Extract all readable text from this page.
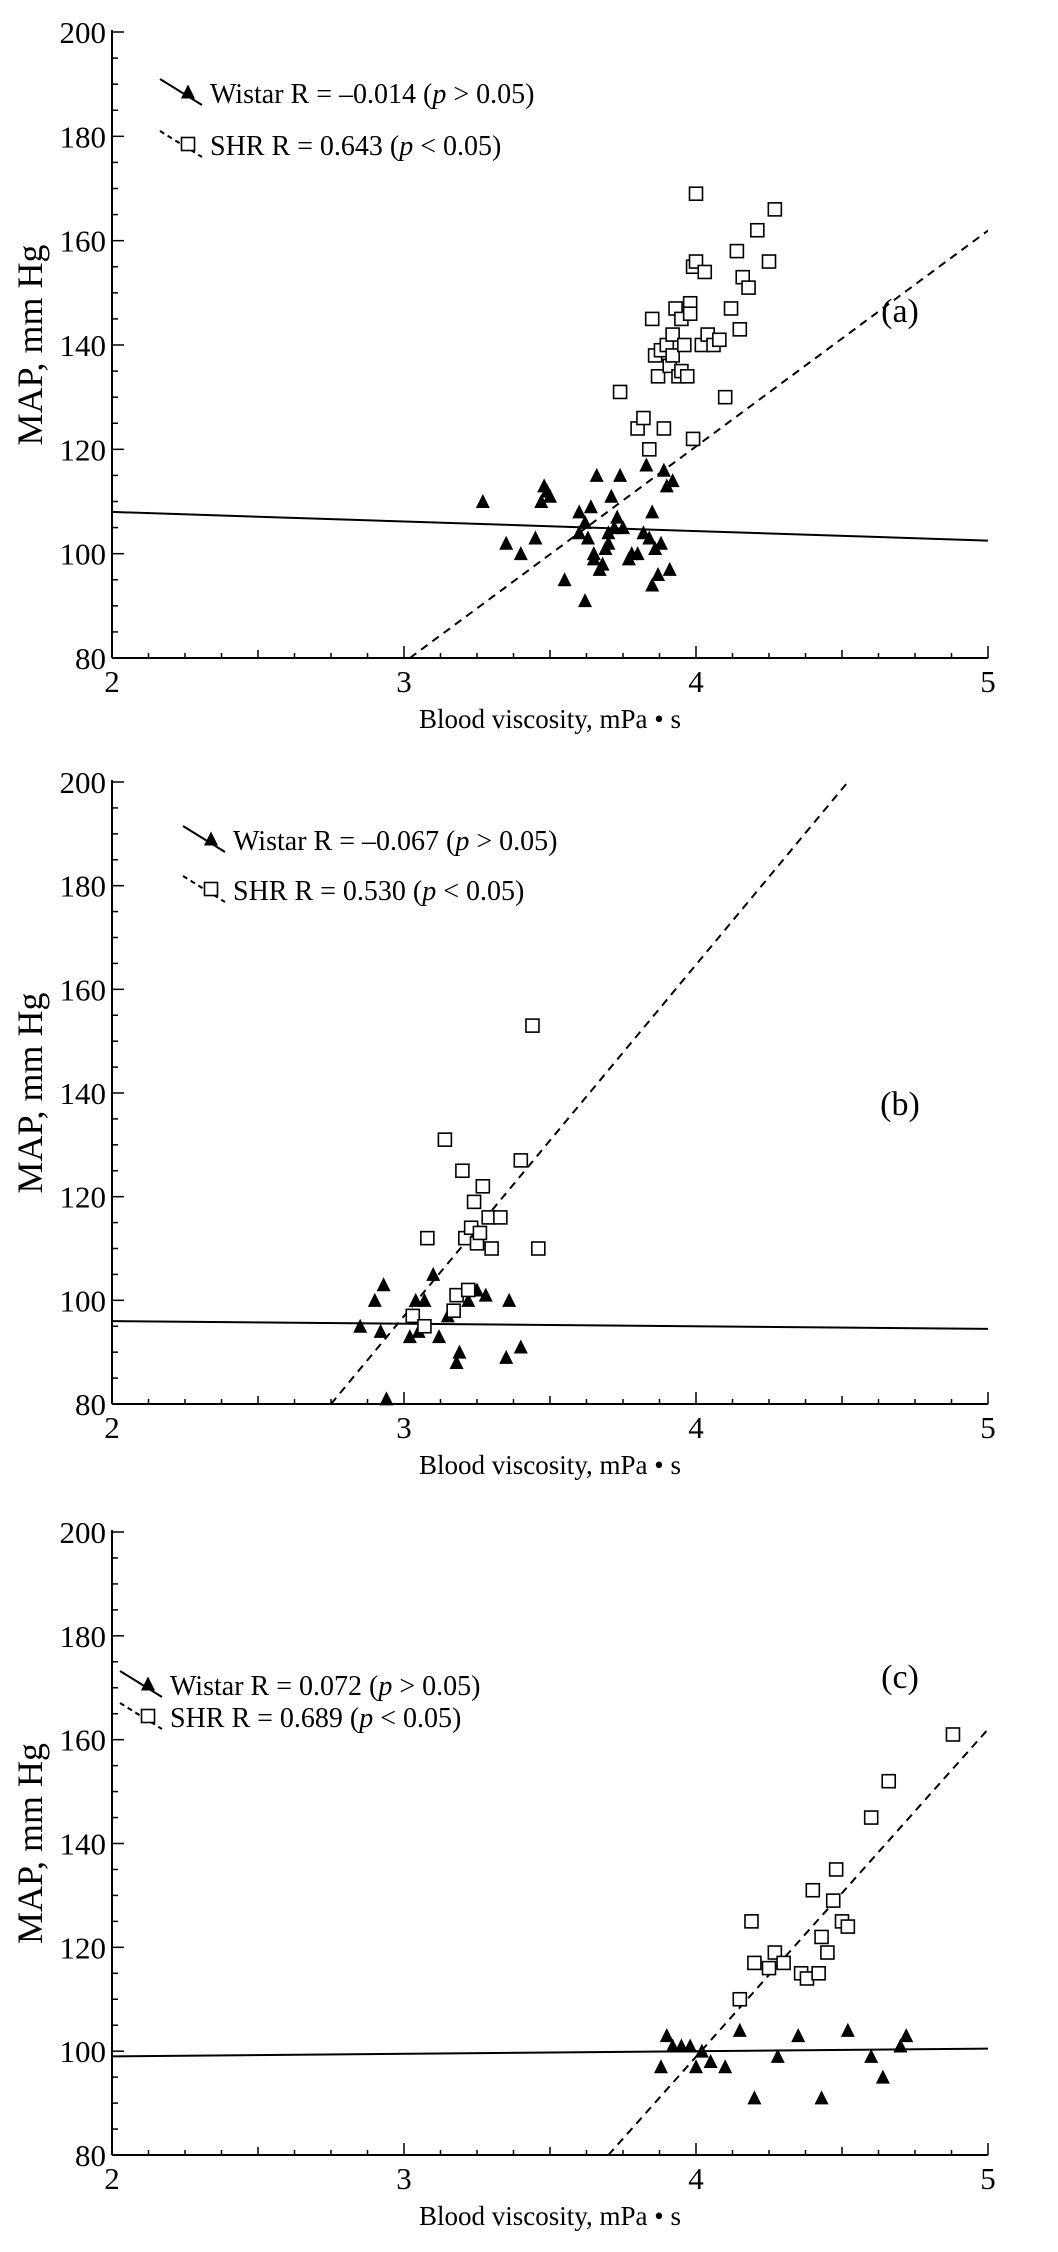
80
100
120
140
160
180
200
2	3	4	5
Blood viscosity, mPa • s
MAP, mm Hg	(a)
Wistar R = –0.014 (p > 0.05)
SHR R = 0.643 (p < 0.05)
80
100
120
140
160
180
200
2	3	4	5
Blood viscosity, mPa • s
MAP, mm Hg	(b)
Wistar R = –0.067 (p > 0.05)
SHR R = 0.530 (p < 0.05)
80
100
120
140
160
180
200
2	3	4	5
Blood viscosity, mPa • s
MAP, mm Hg
(c)
Wistar R = 0.072 (p > 0.05)
SHR R = 0.689 (p < 0.05)
